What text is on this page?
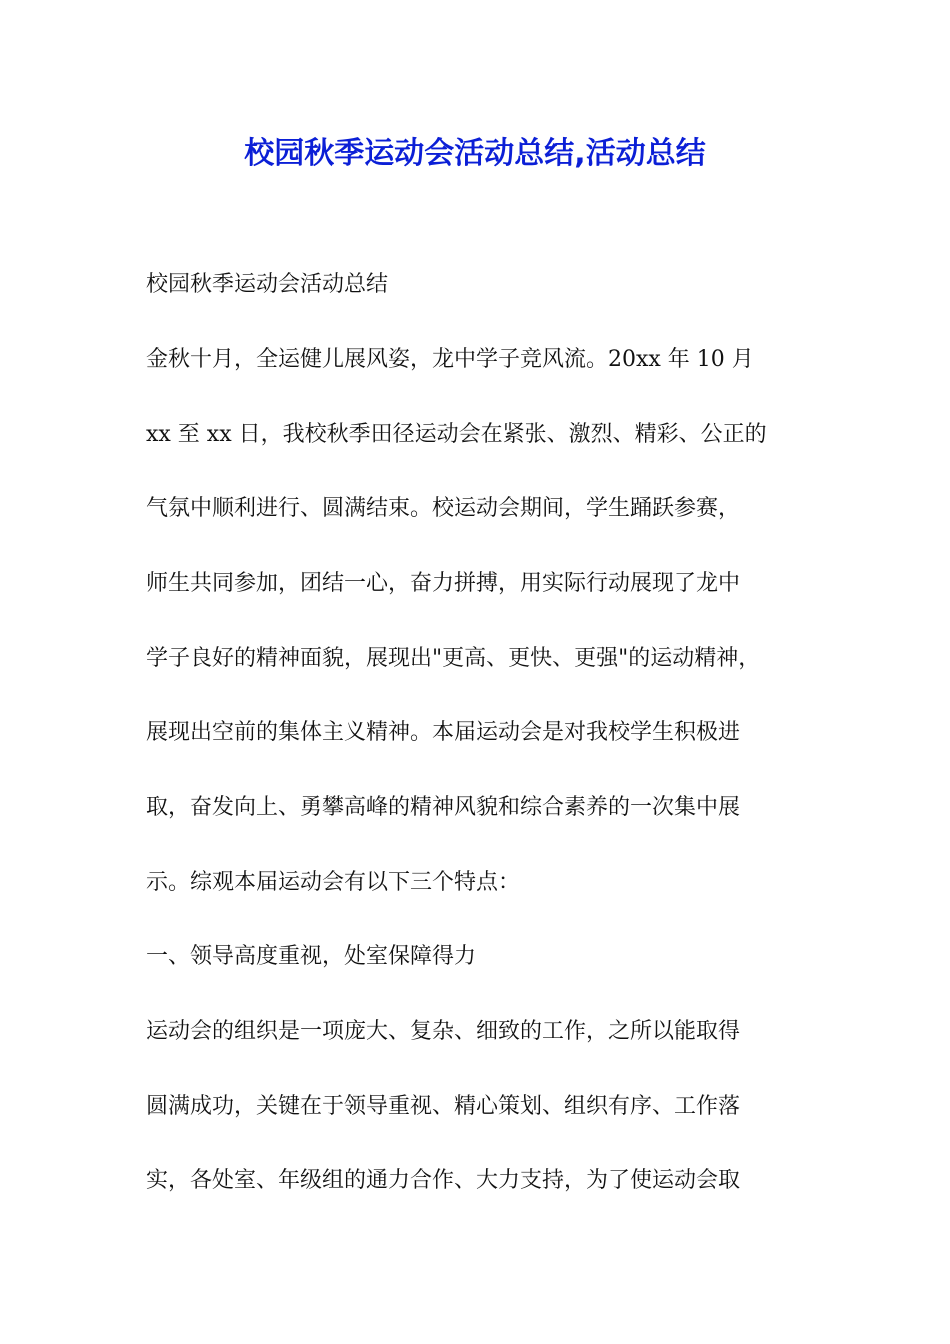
校园秋季运动会活动总结,活动总结
校园秋季运动会活动总结
金秋十月，全运健儿展风姿，龙中学子竞风流。20xx 年 10 月
xx 至 xx 日，我校秋季田径运动会在紧张、激烈、精彩、公正的
气氛中顺利进行、圆满结束。校运动会期间，学生踊跃参赛，
师生共同参加，团结一心，奋力拼搏，用实际行动展现了龙中
学子良好的精神面貌，展现出"更高、更快、更强"的运动精神，
展现出空前的集体主义精神。本届运动会是对我校学生积极进
取，奋发向上、勇攀高峰的精神风貌和综合素养的一次集中展
示。综观本届运动会有以下三个特点：
一、领导高度重视，处室保障得力
运动会的组织是一项庞大、复杂、细致的工作，之所以能取得
圆满成功，关键在于领导重视、精心策划、组织有序、工作落
实，各处室、年级组的通力合作、大力支持，为了使运动会取
